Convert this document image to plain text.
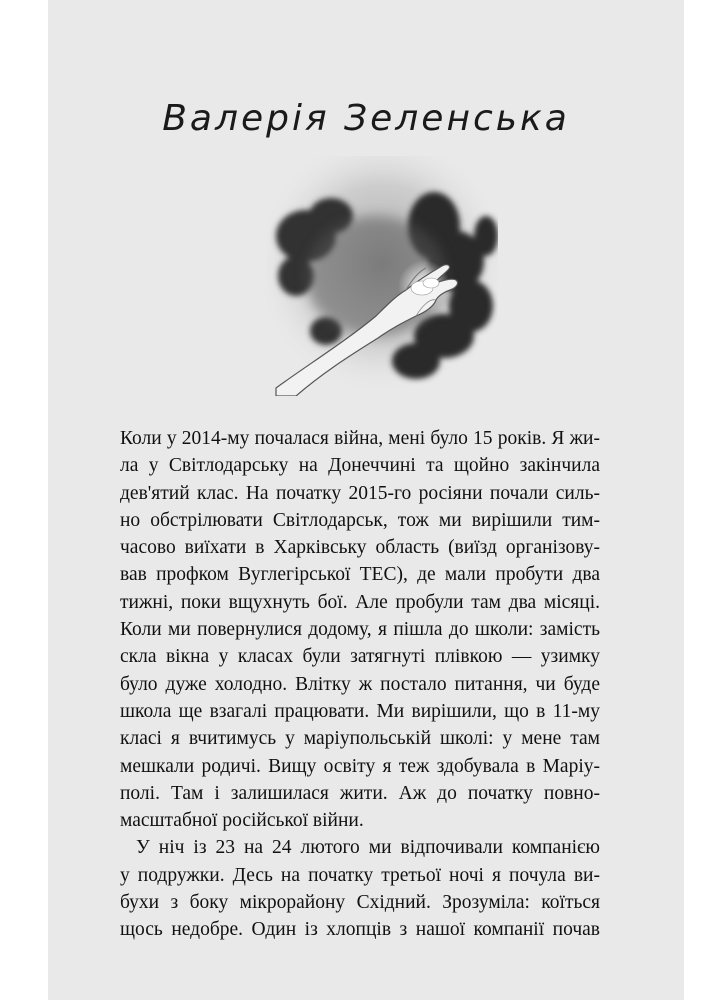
Валерія Зеленська
Коли у 2014-му почалася війна, мені було 15 років. Я жи-
ла у Світлодарську на Донеччині та щойно закінчила
дев'ятий клас. На початку 2015-го росіяни почали силь-
но обстрілювати Світлодарськ, тож ми вирішили тим-
часово виїхати в Харківську область (виїзд організову-
вав профком Вуглегірської ТЕС), де мали пробути два
тижні, поки вщухнуть бої. Але пробули там два місяці.
Коли ми повернулися додому, я пішла до школи: замість
скла вікна у класах були затягнуті плівкою — узимку
було дуже холодно. Влітку ж постало питання, чи буде
школа ще взагалі працювати. Ми вирішили, що в 11-му
класі я вчитимусь у маріупольській школі: у мене там
мешкали родичі. Вищу освіту я теж здобувала в Маріу-
полі. Там і залишилася жити. Аж до початку повно-
масштабної російської війни.
У ніч із 23 на 24 лютого ми відпочивали компанією
у подружки. Десь на початку третьої ночі я почула ви-
бухи з боку мікрорайону Східний. Зрозуміла: коїться
щось недобре. Один із хлопців з нашої компанії почав
